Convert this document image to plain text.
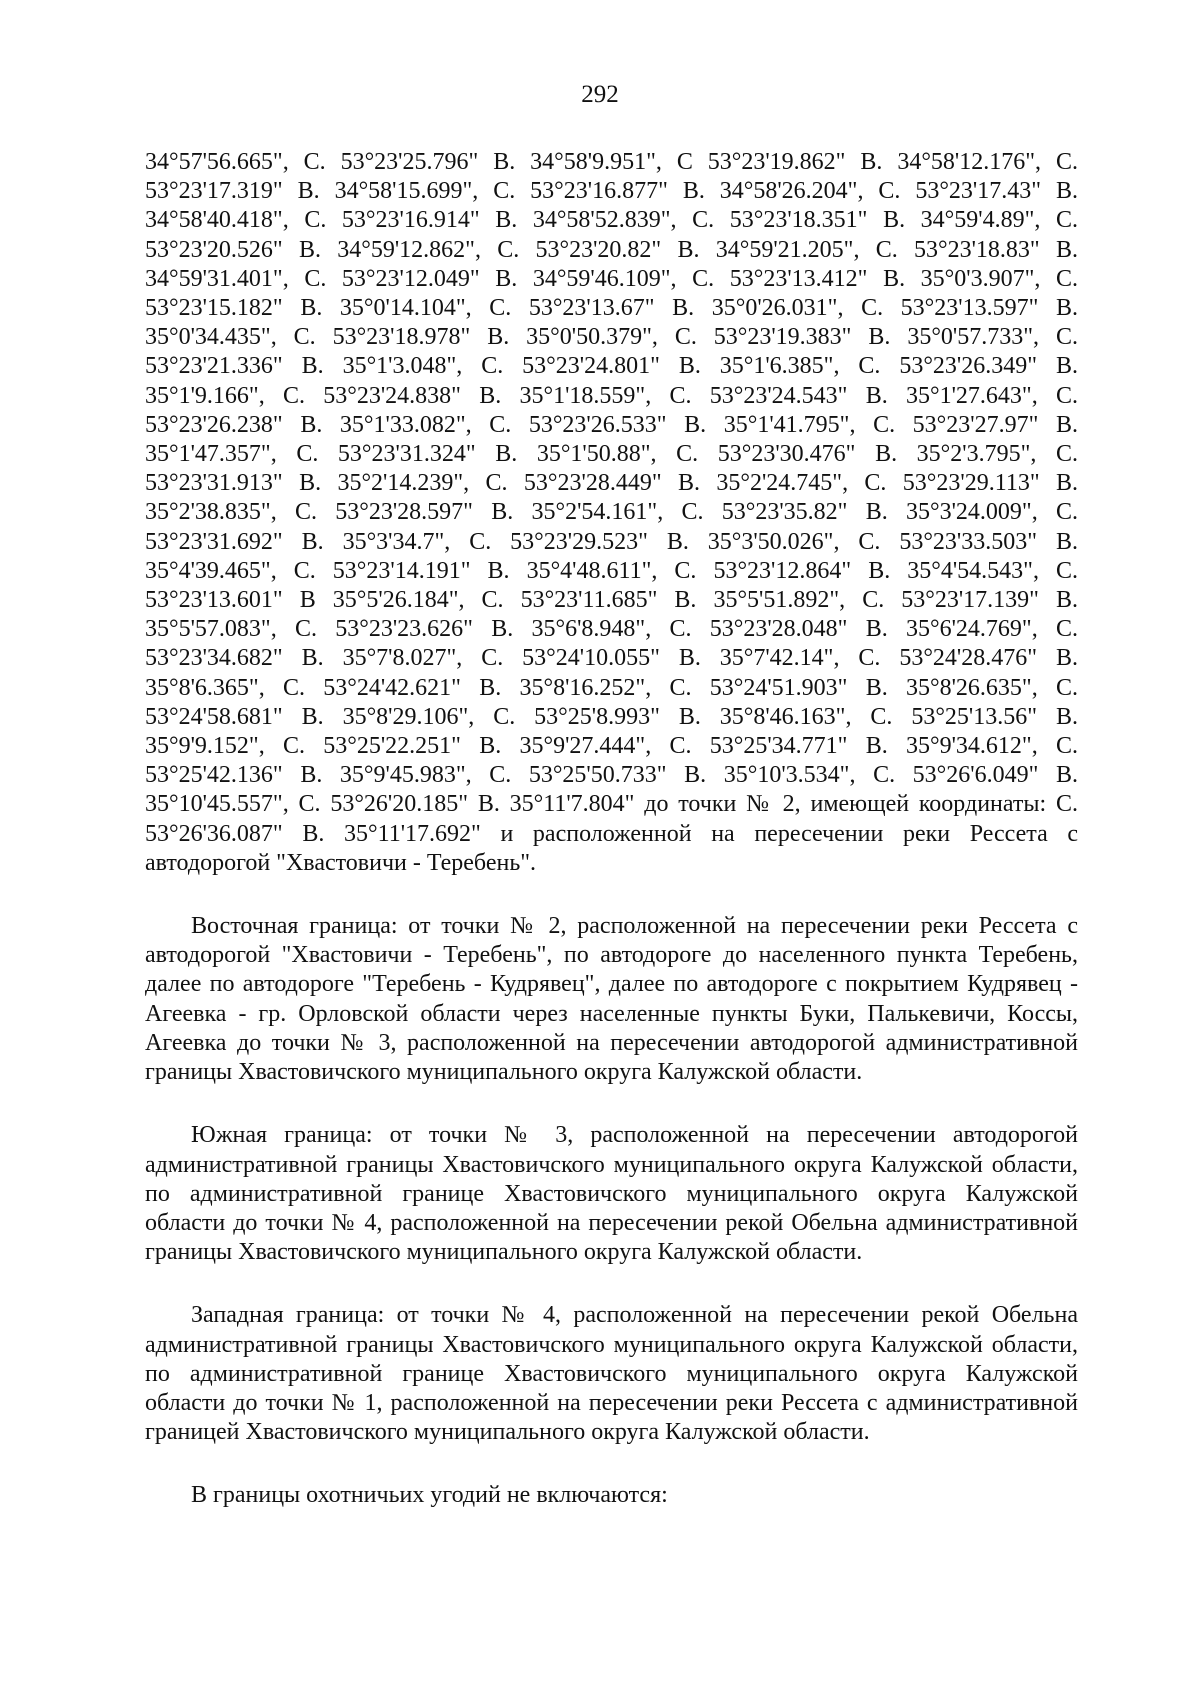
292

34°57'56.665", С. 53°23'25.796" В. 34°58'9.951", С 53°23'19.862" В. 34°58'12.176", С. 53°23'17.319" В. 34°58'15.699", С. 53°23'16.877" В. 34°58'26.204", С. 53°23'17.43" В. 34°58'40.418", С. 53°23'16.914" В. 34°58'52.839", С. 53°23'18.351" В. 34°59'4.89", С. 53°23'20.526" В. 34°59'12.862", С. 53°23'20.82" В. 34°59'21.205", С. 53°23'18.83" В. 34°59'31.401", С. 53°23'12.049" В. 34°59'46.109", С. 53°23'13.412" В. 35°0'3.907", С. 53°23'15.182" В. 35°0'14.104", С. 53°23'13.67" В. 35°0'26.031", С. 53°23'13.597" В. 35°0'34.435", С. 53°23'18.978" В. 35°0'50.379", С. 53°23'19.383" В. 35°0'57.733", С. 53°23'21.336" В. 35°1'3.048", С. 53°23'24.801" В. 35°1'6.385", С. 53°23'26.349" В. 35°1'9.166", С. 53°23'24.838" В. 35°1'18.559", С. 53°23'24.543" В. 35°1'27.643", С. 53°23'26.238" В. 35°1'33.082", С. 53°23'26.533" В. 35°1'41.795", С. 53°23'27.97" В. 35°1'47.357", С. 53°23'31.324" В. 35°1'50.88", С. 53°23'30.476" В. 35°2'3.795", С. 53°23'31.913" В. 35°2'14.239", С. 53°23'28.449" В. 35°2'24.745", С. 53°23'29.113" В. 35°2'38.835", С. 53°23'28.597" В. 35°2'54.161", С. 53°23'35.82" В. 35°3'24.009", С. 53°23'31.692" В. 35°3'34.7", С. 53°23'29.523" В. 35°3'50.026", С. 53°23'33.503" В. 35°4'39.465", С. 53°23'14.191" В. 35°4'48.611", С. 53°23'12.864" В. 35°4'54.543", С. 53°23'13.601" В 35°5'26.184", С. 53°23'11.685" В. 35°5'51.892", С. 53°23'17.139" В. 35°5'57.083", С. 53°23'23.626" В. 35°6'8.948", С. 53°23'28.048" В. 35°6'24.769", С. 53°23'34.682" В. 35°7'8.027", С. 53°24'10.055" В. 35°7'42.14", С. 53°24'28.476" В. 35°8'6.365", С. 53°24'42.621" В. 35°8'16.252", С. 53°24'51.903" В. 35°8'26.635", С. 53°24'58.681" В. 35°8'29.106", С. 53°25'8.993" В. 35°8'46.163", С. 53°25'13.56" В. 35°9'9.152", С. 53°25'22.251" В. 35°9'27.444", С. 53°25'34.771" В. 35°9'34.612", С. 53°25'42.136" В. 35°9'45.983", С. 53°25'50.733" В. 35°10'3.534", С. 53°26'6.049" В. 35°10'45.557", С. 53°26'20.185" В. 35°11'7.804" до точки № 2, имеющей координаты: С. 53°26'36.087" В. 35°11'17.692" и расположенной на пересечении реки Рессета с автодорогой "Хвастовичи - Теребень".

Восточная граница: от точки № 2, расположенной на пересечении реки Рессета с автодорогой "Хвастовичи - Теребень", по автодороге до населенного пункта Теребень, далее по автодороге "Теребень - Кудрявец", далее по автодороге с покрытием Кудрявец - Агеевка - гр. Орловской области через населенные пункты Буки, Палькевичи, Коссы, Агеевка до точки № 3, расположенной на пересечении автодорогой административной границы Хвастовичского муниципального округа Калужской области.

Южная граница: от точки № 3, расположенной на пересечении автодорогой административной границы Хвастовичского муниципального округа Калужской области, по административной границе Хвастовичского муниципального округа Калужской области до точки № 4, расположенной на пересечении рекой Обельна административной границы Хвастовичского муниципального округа Калужской области.

Западная граница: от точки № 4, расположенной на пересечении рекой Обельна административной границы Хвастовичского муниципального округа Калужской области, по административной границе Хвастовичского муниципального округа Калужской области до точки № 1, расположенной на пересечении реки Рессета с административной границей Хвастовичского муниципального округа Калужской области.

В границы охотничьих угодий не включаются:
